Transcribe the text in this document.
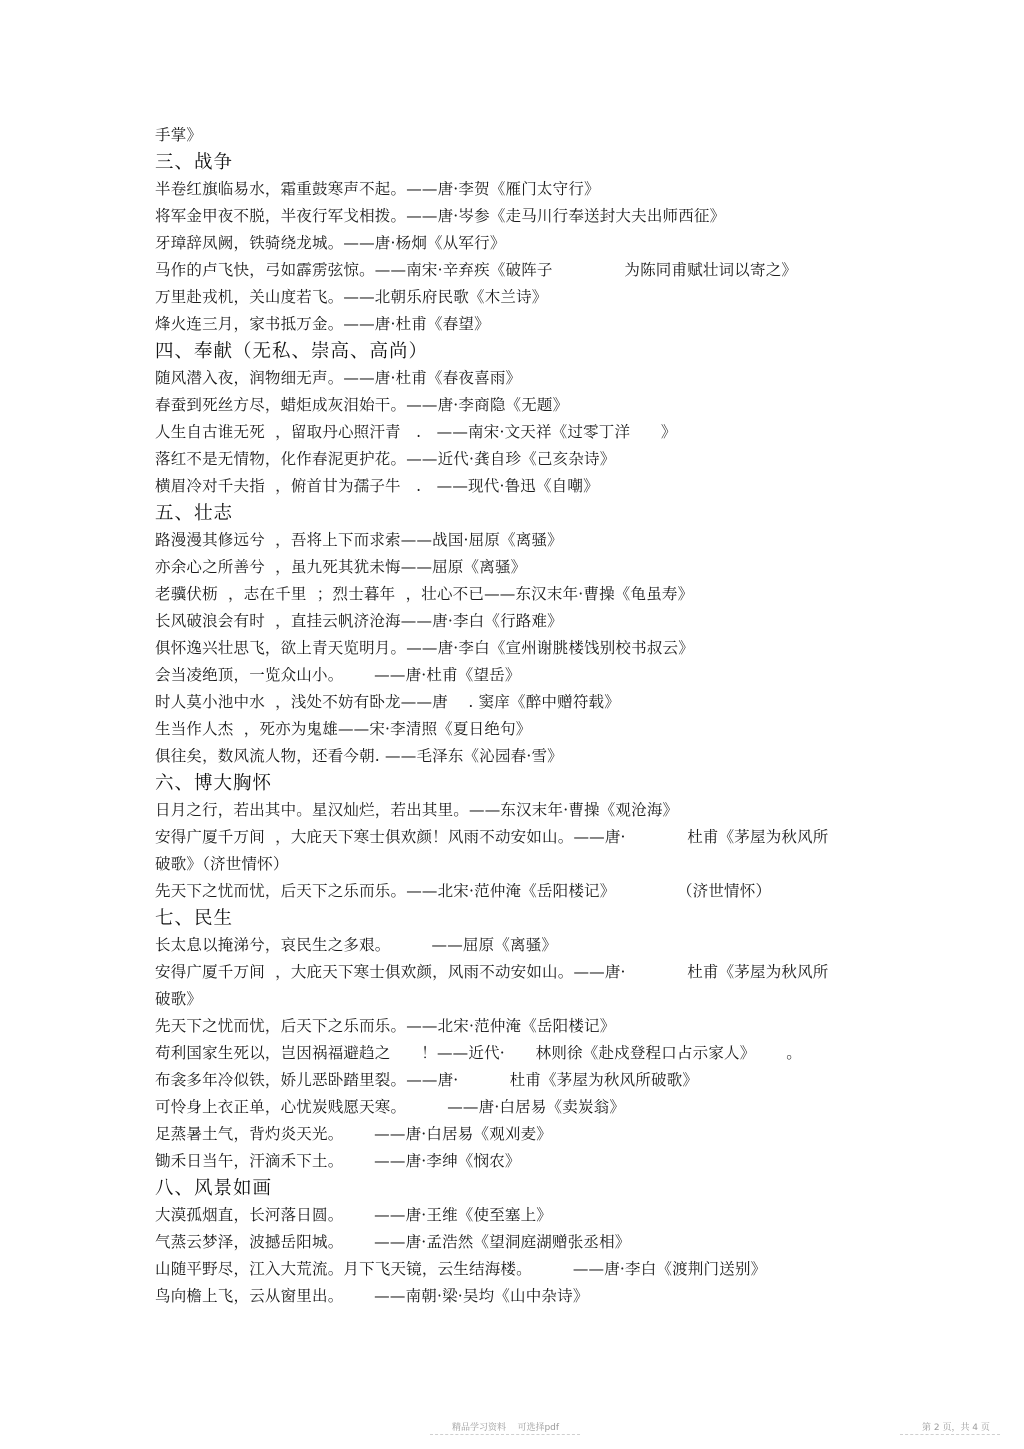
手掌》
三、战争
半卷红旗临易水，霜重鼓寒声不起。——唐·李贺《雁门太守行》
将军金甲夜不脱，半夜行军戈相拨。——唐·岑参《走马川行奉送封大夫出师西征》
牙璋辞凤阙，铁骑绕龙城。——唐·杨炯《从军行》
马作的卢飞快，弓如霹雳弦惊。——南宋·辛弃疾《破阵子              为陈同甫赋壮词以寄之》
万里赴戎机，关山度若飞。——北朝乐府民歌《木兰诗》
烽火连三月，家书抵万金。——唐·杜甫《春望》
四、奉献（无私、崇高、高尚）
随风潜入夜，润物细无声。——唐·杜甫《春夜喜雨》
春蚕到死丝方尽，蜡炬成灰泪始干。——唐·李商隐《无题》
人生自古谁无死  ，留取丹心照汗青   .   ——南宋·文天祥《过零丁洋      》
落红不是无情物，化作春泥更护花。——近代·龚自珍《己亥杂诗》
横眉冷对千夫指  ，俯首甘为孺子牛   .   ——现代·鲁迅《自嘲》
五、壮志
路漫漫其修远兮  ，吾将上下而求索——战国·屈原《离骚》
亦余心之所善兮  ，虽九死其犹未悔——屈原《离骚》
老骥伏枥  ，志在千里  ；烈士暮年  ，壮心不已——东汉末年·曹操《龟虽寿》
长风破浪会有时  ，直挂云帆济沧海——唐·李白《行路难》
俱怀逸兴壮思飞，欲上青天览明月。——唐·李白《宣州谢朓楼饯别校书叔云》
会当凌绝顶，一览众山小。      ——唐·杜甫《望岳》
时人莫小池中水  ，浅处不妨有卧龙——唐    . 窦庠《醉中赠符载》
生当作人杰  ，死亦为鬼雄——宋·李清照《夏日绝句》
俱往矣，数风流人物，还看今朝. ——毛泽东《沁园春·雪》
六、博大胸怀
日月之行，若出其中。星汉灿烂，若出其里。——东汉末年·曹操《观沧海》
安得广厦千万间  ，大庇天下寒士俱欢颜！风雨不动安如山。——唐·            杜甫《茅屋为秋风所
破歌》（济世情怀）
先天下之忧而忧，后天下之乐而乐。——北宋·范仲淹《岳阳楼记》            （济世情怀）
七、民生
长太息以掩涕兮，哀民生之多艰。        ——屈原《离骚》
安得广厦千万间  ，大庇天下寒士俱欢颜，风雨不动安如山。——唐·            杜甫《茅屋为秋风所
破歌》
先天下之忧而忧，后天下之乐而乐。——北宋·范仲淹《岳阳楼记》
苟利国家生死以，岂因祸福避趋之      ！——近代·      林则徐《赴戍登程口占示家人》      。
布衾多年冷似铁，娇儿恶卧踏里裂。——唐·          杜甫《茅屋为秋风所破歌》
可怜身上衣正单，心忧炭贱愿天寒。        ——唐·白居易《卖炭翁》
足蒸暑土气，背灼炎天光。      ——唐·白居易《观刈麦》
锄禾日当午，汗滴禾下土。      ——唐·李绅《悯农》
八、风景如画
大漠孤烟直，长河落日圆。      ——唐·王维《使至塞上》
气蒸云梦泽，波撼岳阳城。      ——唐·孟浩然《望洞庭湖赠张丞相》
山随平野尽，江入大荒流。月下飞天镜，云生结海楼。        ——唐·李白《渡荆门送别》
鸟向檐上飞，云从窗里出。      ——南朝·梁·吴均《山中杂诗》
精品学习资料    可选择pdf	第 2 页，共 4 页
